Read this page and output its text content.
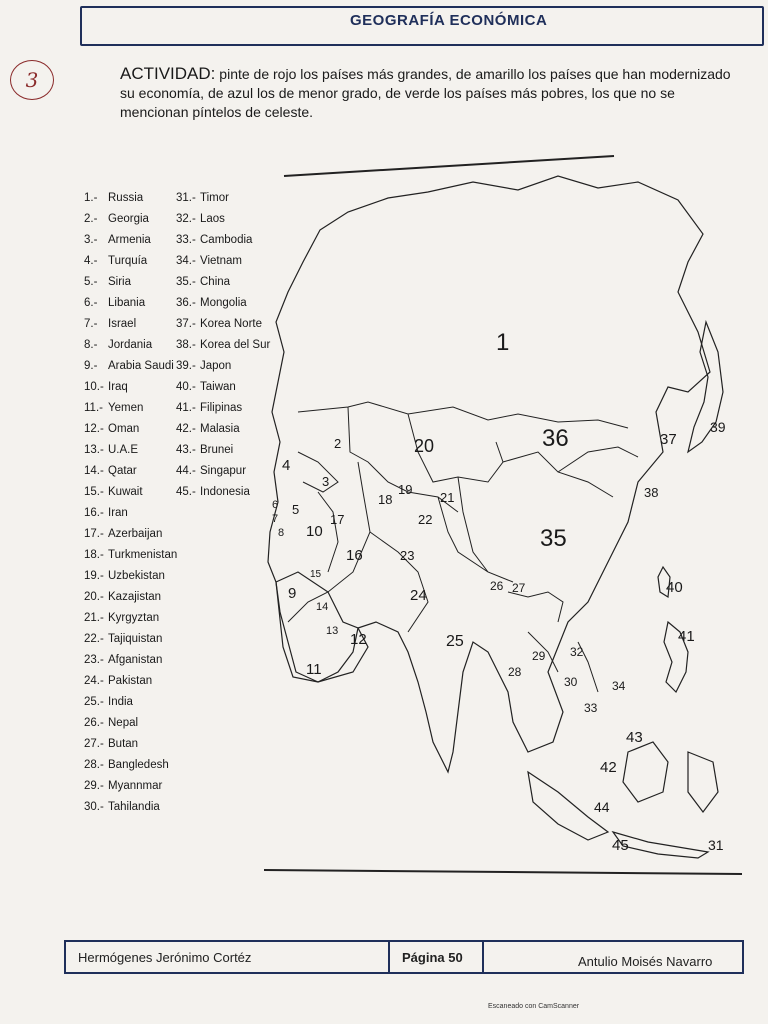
GEOGRAFÍA ECONÓMICA
3	ACTIVIDAD: pinte de rojo los países más grandes, de amarillo los países que han modernizado su economía, de azul los de menor grado, de verde los países más pobres, los que no se mencionan píntelos de celeste.
1.- Russia
2.- Georgia
3.- Armenia
4.- Turquía
5.- Siria
6.- Libania
7.- Israel
8.- Jordania
9.- Arabia Saudi
10.- Iraq
11.- Yemen
12.- Oman
13.- U.A.E
14.- Qatar
15.- Kuwait
16.- Iran
17.- Azerbaijan
18.- Turkmenistan
19.- Uzbekistan
20.- Kazajistan
21.- Kyrgyztan
22.- Tajiquistan
23.- Afganistan
24.- Pakistan
25.- India
26.- Nepal
27.- Butan
28.- Bangledesh
29.- Myannmar
30.- Tahilandia
31.- Timor
32.- Laos
33.- Cambodia
34.- Vietnam
35.- China
36.- Mongolia
37.- Korea Norte
38.- Korea del Sur
39.- Japon
40.- Taiwan
41.- Filipinas
42.- Malasia
43.- Brunei
44.- Singapur
45.- Indonesia
1
2
3
4
5
6
7
8
9
10
11
12
13
14
15
16
17
18
19
20
21
22
23
24
25
26 27
28
29
30
31
32
33
34
35
36	37
38
39
40
41
42
43
44
45
Hermógenes Jerónimo Cortéz	Página 50	Antulio Moisés Navarro
Escaneado con CamScanner
